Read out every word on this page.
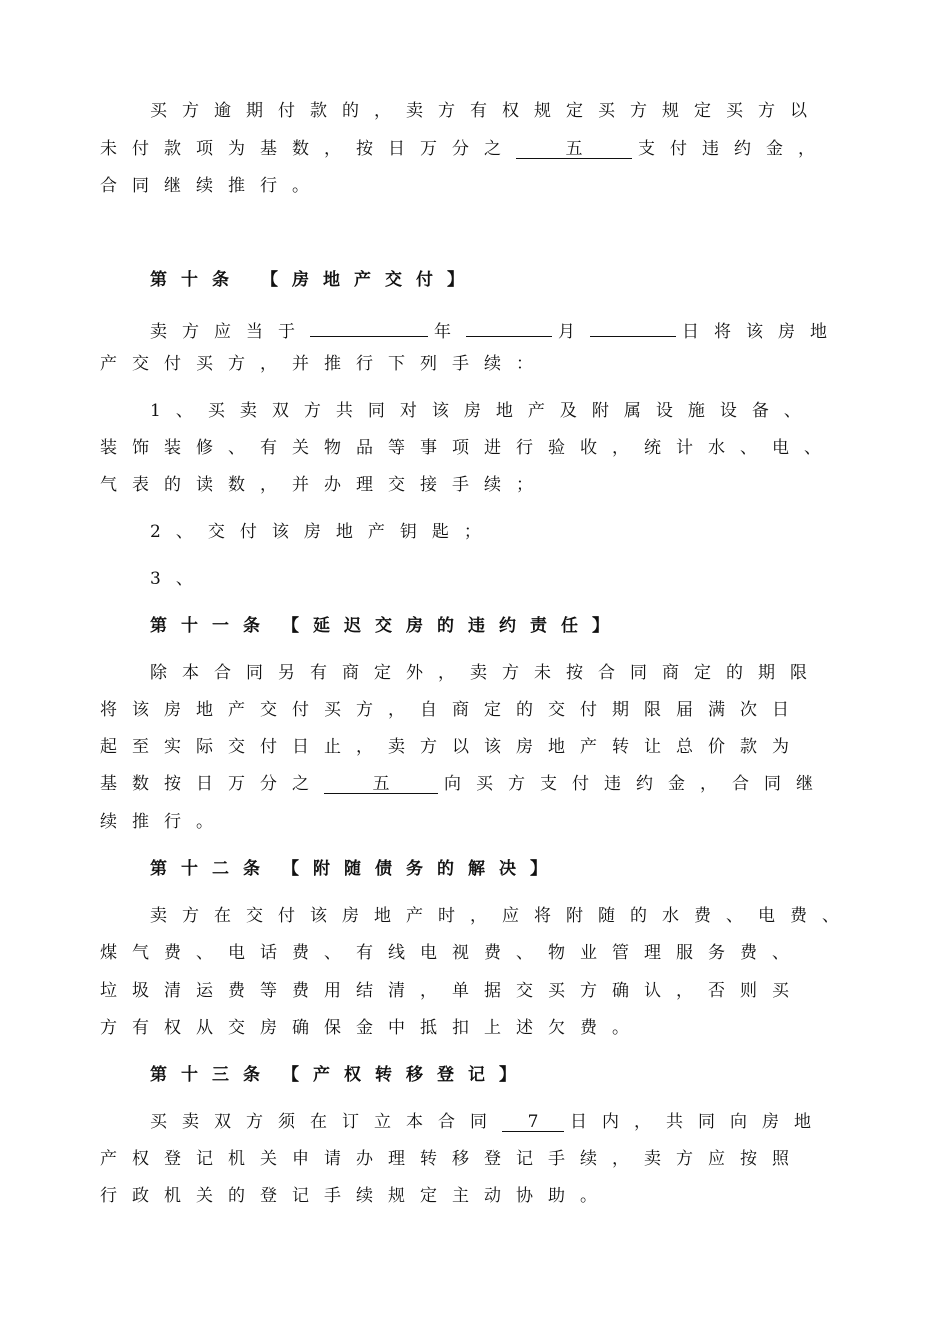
买方逾期付款的，卖方有权规定买方规定买方以
未付款项为基数，按日万分之	五	支付违约金，
合同继续推行。
第十条 【房地产交付】
卖方应当于	年	月	日将该房地
产交付买方，并推行下列手续：
1、买卖双方共同对该房地产及附属设施设备、
装饰装修、有关物品等事项进行验收，统计水、电、
气表的读数，并办理交接手续；
2、交付该房地产钥匙；
3、
第十一条 【延迟交房的违约责任】
除本合同另有商定外，卖方未按合同商定的期限
将该房地产交付买方，自商定的交付期限届满次日
起至实际交付日止，卖方以该房地产转让总价款为
基数按日万分之	五	向买方支付违约金，合同继
续推行。
第十二条 【附随债务的解决】
卖方在交付该房地产时，应将附随的水费、电费、
煤气费、电话费、有线电视费、物业管理服务费、
垃圾清运费等费用结清，单据交买方确认，否则买
方有权从交房确保金中抵扣上述欠费。
第十三条 【产权转移登记】
买卖双方须在订立本合同 7 日内，共同向房地
产权登记机关申请办理转移登记手续，卖方应按照
行政机关的登记手续规定主动协助。
